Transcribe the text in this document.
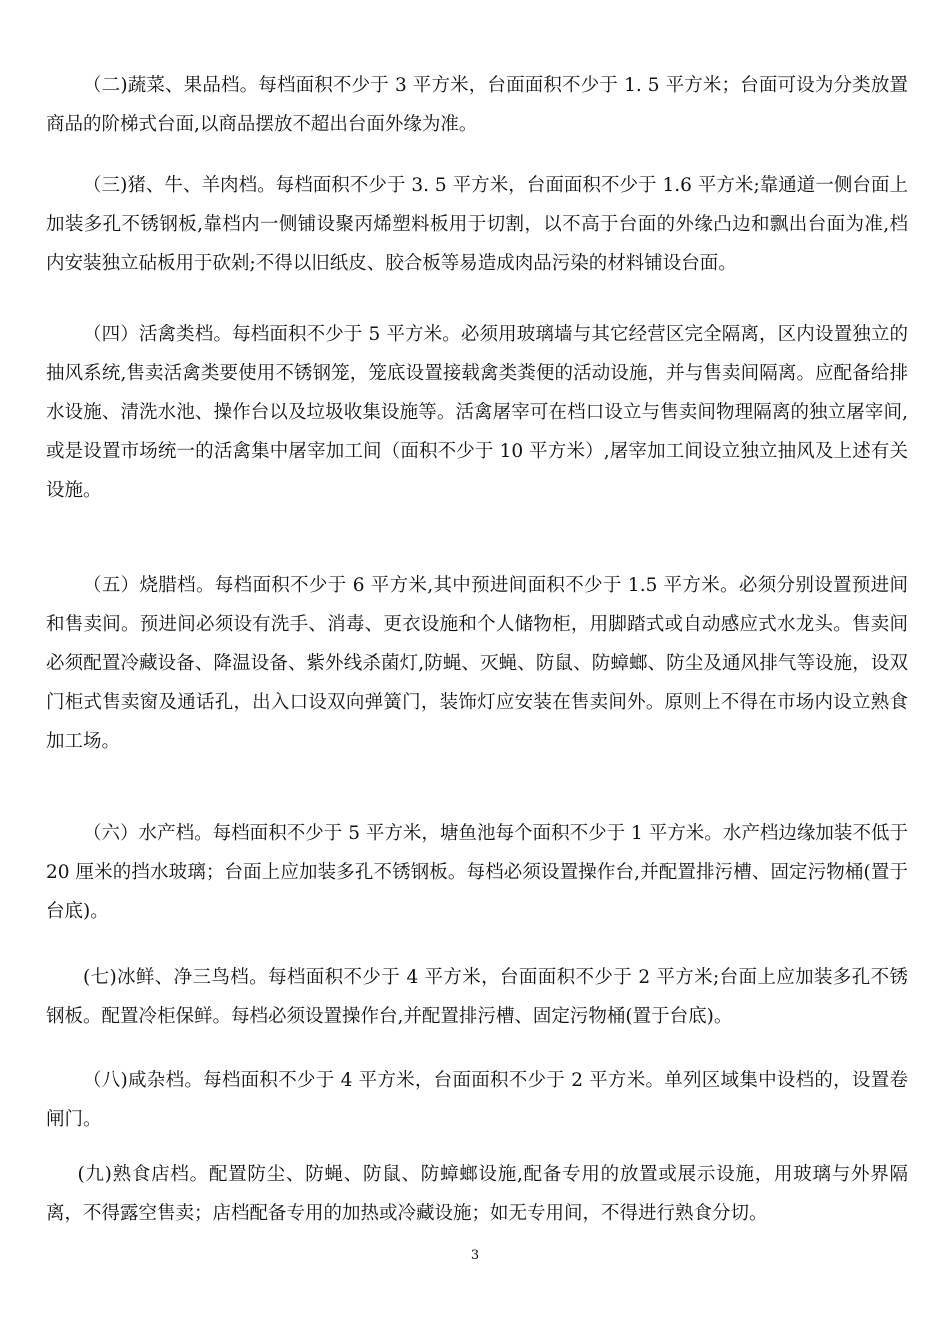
（二)蔬菜、果品档。每档面积不少于 3 平方米，台面面积不少于 1. 5 平方米；台面可设为分类放置商品的阶梯式台面,以商品摆放不超出台面外缘为准。

（三)猪、牛、羊肉档。每档面积不少于 3. 5 平方米，台面面积不少于 1.6 平方米;靠通道一侧台面上加装多孔不锈钢板,靠档内一侧铺设聚丙烯塑料板用于切割，以不高于台面的外缘凸边和飘出台面为准,档内安装独立砧板用于砍剁;不得以旧纸皮、胶合板等易造成肉品污染的材料铺设台面。

（四）活禽类档。每档面积不少于 5 平方米。必须用玻璃墙与其它经营区完全隔离，区内设置独立的抽风系统,售卖活禽类要使用不锈钢笼，笼底设置接载禽类粪便的活动设施，并与售卖间隔离。应配备给排水设施、清洗水池、操作台以及垃圾收集设施等。活禽屠宰可在档口设立与售卖间物理隔离的独立屠宰间,或是设置市场统一的活禽集中屠宰加工间（面积不少于 10 平方米）,屠宰加工间设立独立抽风及上述有关设施。

（五）烧腊档。每档面积不少于 6 平方米,其中预进间面积不少于 1.5 平方米。必须分别设置预进间和售卖间。预进间必须设有洗手、消毒、更衣设施和个人储物柜，用脚踏式或自动感应式水龙头。售卖间必须配置冷藏设备、降温设备、紫外线杀菌灯,防蝇、灭蝇、防鼠、防蟑螂、防尘及通风排气等设施，设双门柜式售卖窗及通话孔，出入口设双向弹簧门，装饰灯应安装在售卖间外。原则上不得在市场内设立熟食加工场。

（六）水产档。每档面积不少于 5 平方米，塘鱼池每个面积不少于 1 平方米。水产档边缘加装不低于 20 厘米的挡水玻璃；台面上应加装多孔不锈钢板。每档必须设置操作台,并配置排污槽、固定污物桶(置于台底)。

(七)冰鲜、净三鸟档。每档面积不少于 4 平方米，台面面积不少于 2 平方米;台面上应加装多孔不锈钢板。配置冷柜保鲜。每档必须设置操作台,并配置排污槽、固定污物桶(置于台底)。

（八)咸杂档。每档面积不少于 4 平方米，台面面积不少于 2 平方米。单列区域集中设档的，设置卷闸门。

(九)熟食店档。配置防尘、防蝇、防鼠、防蟑螂设施,配备专用的放置或展示设施，用玻璃与外界隔离，不得露空售卖；店档配备专用的加热或冷藏设施；如无专用间，不得进行熟食分切。

3
